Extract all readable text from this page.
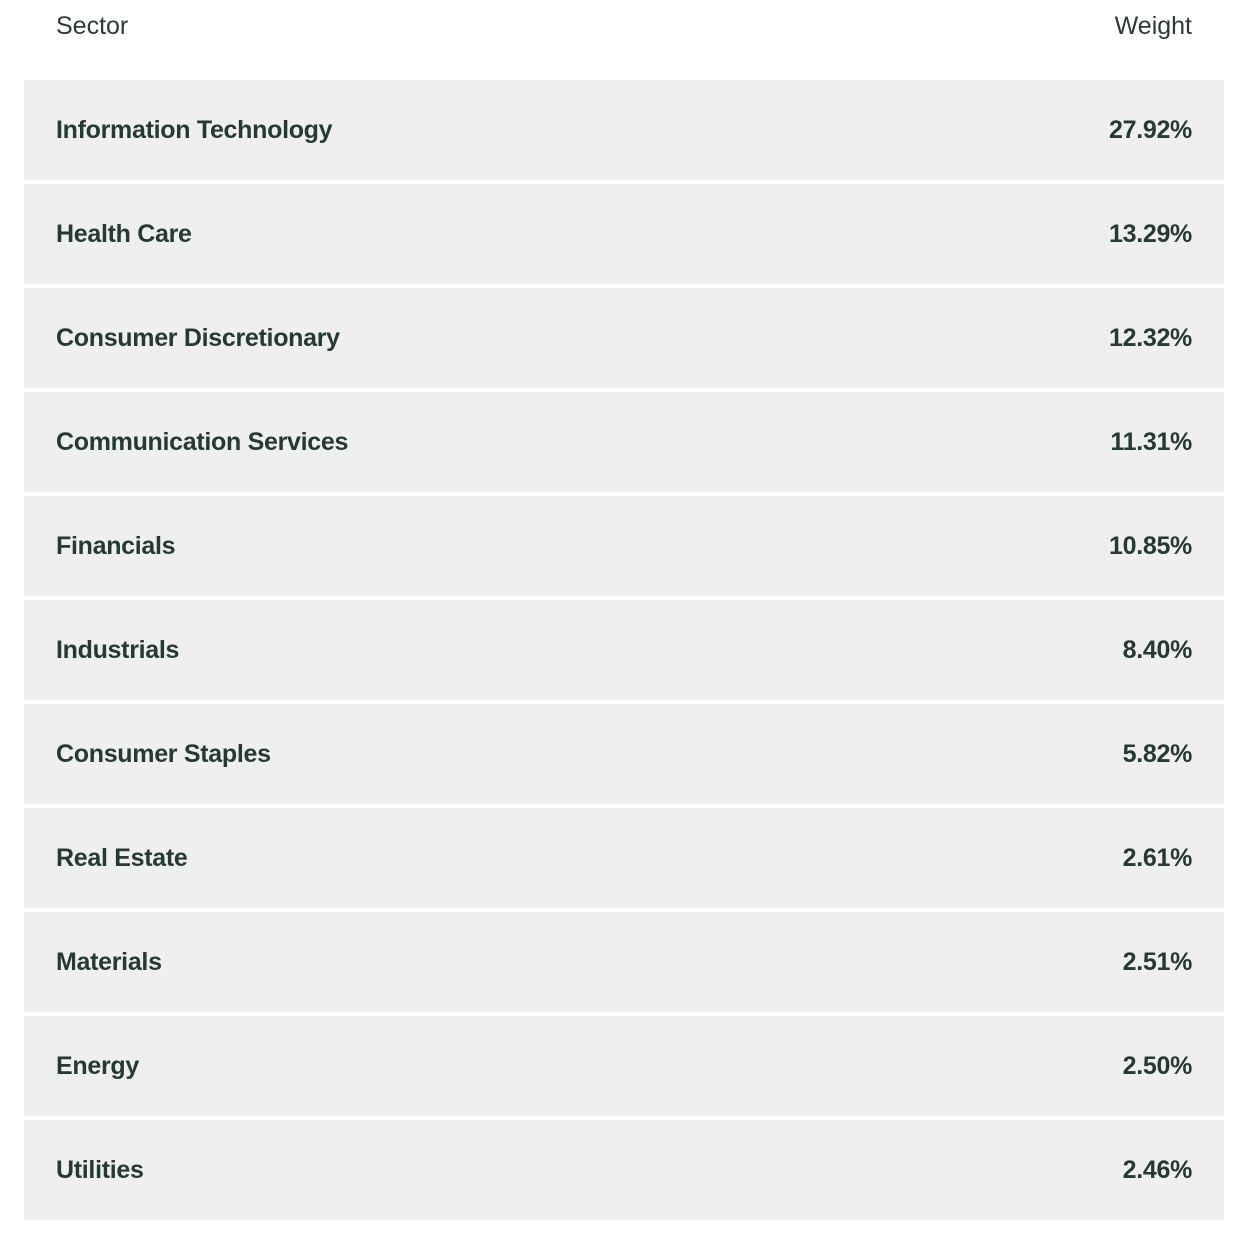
Sector	Weight
Information Technology	27.92%
Health Care	13.29%
Consumer Discretionary	12.32%
Communication Services	11.31%
Financials	10.85%
Industrials	8.40%
Consumer Staples	5.82%
Real Estate	2.61%
Materials	2.51%
Energy	2.50%
Utilities	2.46%
